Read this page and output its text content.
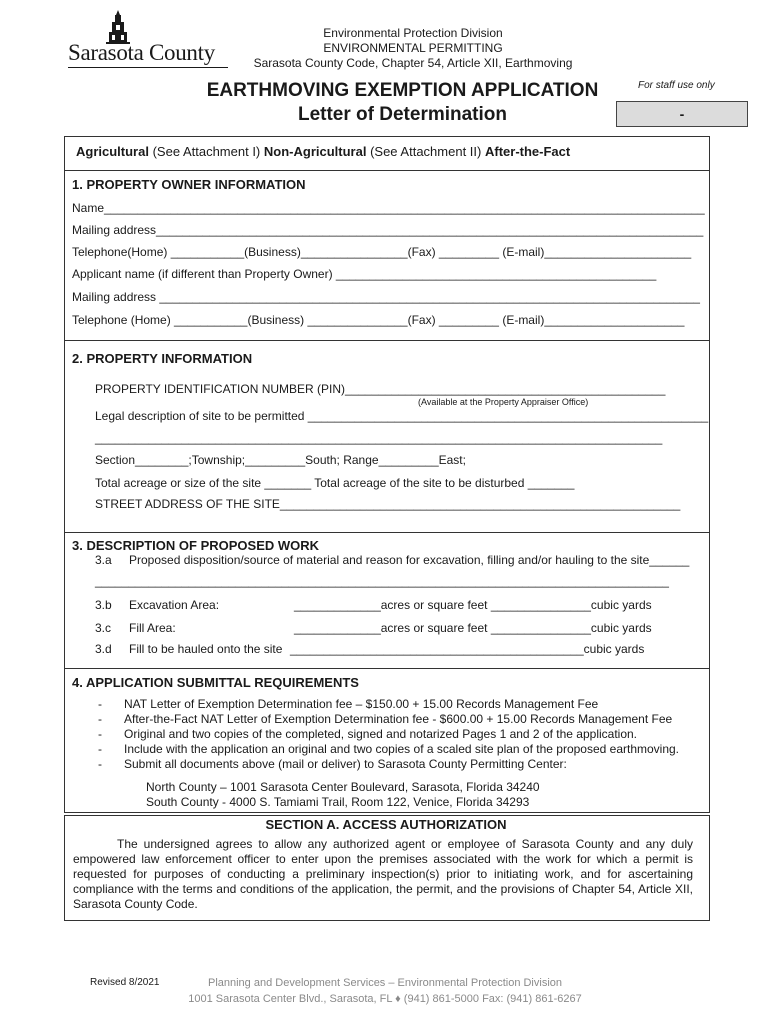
Sarasota County
Environmental Protection Division
ENVIRONMENTAL PERMITTING
Sarasota County Code, Chapter 54, Article XII, Earthmoving
EARTHMOVING EXEMPTION APPLICATION
Letter of Determination
For staff use only
-
Agricultural (See Attachment I) Non-Agricultural (See Attachment II) After-the-Fact
1. PROPERTY OWNER INFORMATION
Name__________________________________________________________________________________________
Mailing address__________________________________________________________________________________
Telephone(Home) ___________(Business)________________(Fax) _________ (E-mail)______________________
Applicant name (if different than Property Owner) ________________________________________________
Mailing address _________________________________________________________________________________
Telephone (Home) ___________(Business) _______________(Fax) _________ (E-mail)_____________________
2. PROPERTY INFORMATION
PROPERTY IDENTIFICATION NUMBER (PIN)________________________________________________
(Available at the Property Appraiser Office)
Legal description of site to be permitted ____________________________________________________________
_____________________________________________________________________________________
Section________;Township;_________South; Range_________East;
Total acreage or size of the site _______ Total acreage of the site to be disturbed _______
STREET ADDRESS OF THE SITE____________________________________________________________
3. DESCRIPTION OF PROPOSED WORK
3.a Proposed disposition/source of material and reason for excavation, filling and/or hauling to the site______
______________________________________________________________________________________
3.b Excavation Area:	_____________acres or square feet _______________cubic yards
3.c Fill Area:	_____________acres or square feet _______________cubic yards
3.d Fill to be hauled onto the site ____________________________________________cubic yards
4. APPLICATION SUBMITTAL REQUIREMENTS
-	NAT Letter of Exemption Determination fee – $150.00 + 15.00 Records Management Fee
-	After-the-Fact NAT Letter of Exemption Determination fee - $600.00 + 15.00 Records Management Fee
-	Original and two copies of the completed, signed and notarized Pages 1 and 2 of the application.
-	Include with the application an original and two copies of a scaled site plan of the proposed earthmoving.
-	Submit all documents above (mail or deliver) to Sarasota County Permitting Center:
North County – 1001 Sarasota Center Boulevard, Sarasota, Florida 34240
South County - 4000 S. Tamiami Trail, Room 122, Venice, Florida 34293
SECTION A. ACCESS AUTHORIZATION
The undersigned agrees to allow any authorized agent or employee of Sarasota County and any duly empowered law enforcement officer to enter upon the premises associated with the work for which a permit is requested for purposes of conducting a preliminary inspection(s) prior to initiating work, and for ascertaining compliance with the terms and conditions of the application, the permit, and the provisions of Chapter 54, Article XII, Sarasota County Code.
Revised 8/2021	Planning and Development Services – Environmental Protection Division
1001 Sarasota Center Blvd., Sarasota, FL ♦ (941) 861-5000 Fax: (941) 861-6267
